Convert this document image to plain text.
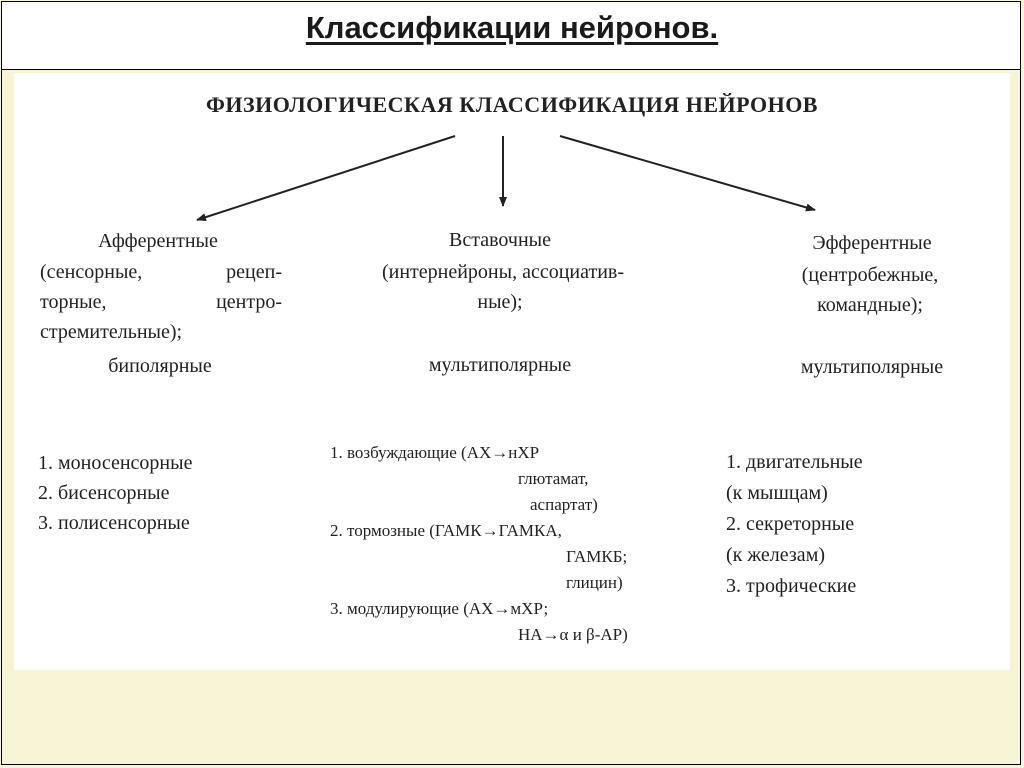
Классификации нейронов.
ФИЗИОЛОГИЧЕСКАЯ КЛАССИФИКАЦИЯ НЕЙРОНОВ
Афферентные
(сенсорные, рецеп-
торные, центро-
стремительные);
биполярные
1. моносенсорные
2. бисенсорные
3. полисенсорные
Вставочные
(интернейроны, ассоциатив-
ные);
мультиполярные
1. возбуждающие (АХ→нХР
глютамат,
аспартат)
2. тормозные (ГАМК→ГАМКА,
ГАМКБ;
глицин)
3. модулирующие (АХ→мХР;
НА→α и β-АР)
Эфферентные
(центробежные,
командные);
мультиполярные
1. двигательные
(к мышцам)
2. секреторные
(к железам)
3. трофические
